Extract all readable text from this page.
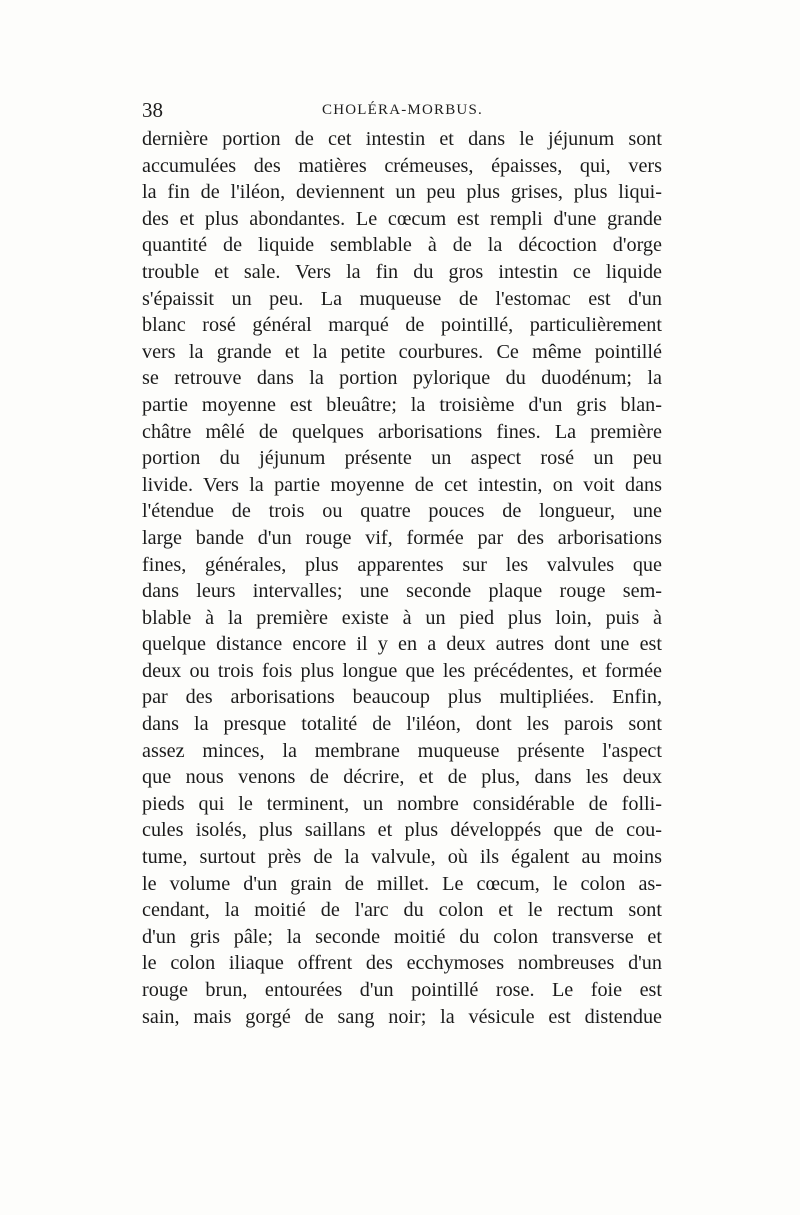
38	CHOLÉRA-MORBUS.
dernière portion de cet intestin et dans le jéjunum sont
accumulées des matières crémeuses, épaisses, qui, vers
la fin de l'iléon, deviennent un peu plus grises, plus liqui-
des et plus abondantes. Le cœcum est rempli d'une grande
quantité de liquide semblable à de la décoction d'orge
trouble et sale. Vers la fin du gros intestin ce liquide
s'épaissit un peu. La muqueuse de l'estomac est d'un
blanc rosé général marqué de pointillé, particulièrement
vers la grande et la petite courbures. Ce même pointillé
se retrouve dans la portion pylorique du duodénum; la
partie moyenne est bleuâtre; la troisième d'un gris blan-
châtre mêlé de quelques arborisations fines. La première
portion du jéjunum présente un aspect rosé un peu
livide. Vers la partie moyenne de cet intestin, on voit dans
l'étendue de trois ou quatre pouces de longueur, une
large bande d'un rouge vif, formée par des arborisations
fines, générales, plus apparentes sur les valvules que
dans leurs intervalles; une seconde plaque rouge sem-
blable à la première existe à un pied plus loin, puis à
quelque distance encore il y en a deux autres dont une est
deux ou trois fois plus longue que les précédentes, et formée
par des arborisations beaucoup plus multipliées. Enfin,
dans la presque totalité de l'iléon, dont les parois sont
assez minces, la membrane muqueuse présente l'aspect
que nous venons de décrire, et de plus, dans les deux
pieds qui le terminent, un nombre considérable de folli-
cules isolés, plus saillans et plus développés que de cou-
tume, surtout près de la valvule, où ils égalent au moins
le volume d'un grain de millet. Le cœcum, le colon as-
cendant, la moitié de l'arc du colon et le rectum sont
d'un gris pâle; la seconde moitié du colon transverse et
le colon iliaque offrent des ecchymoses nombreuses d'un
rouge brun, entourées d'un pointillé rose. Le foie est
sain, mais gorgé de sang noir; la vésicule est distendue
